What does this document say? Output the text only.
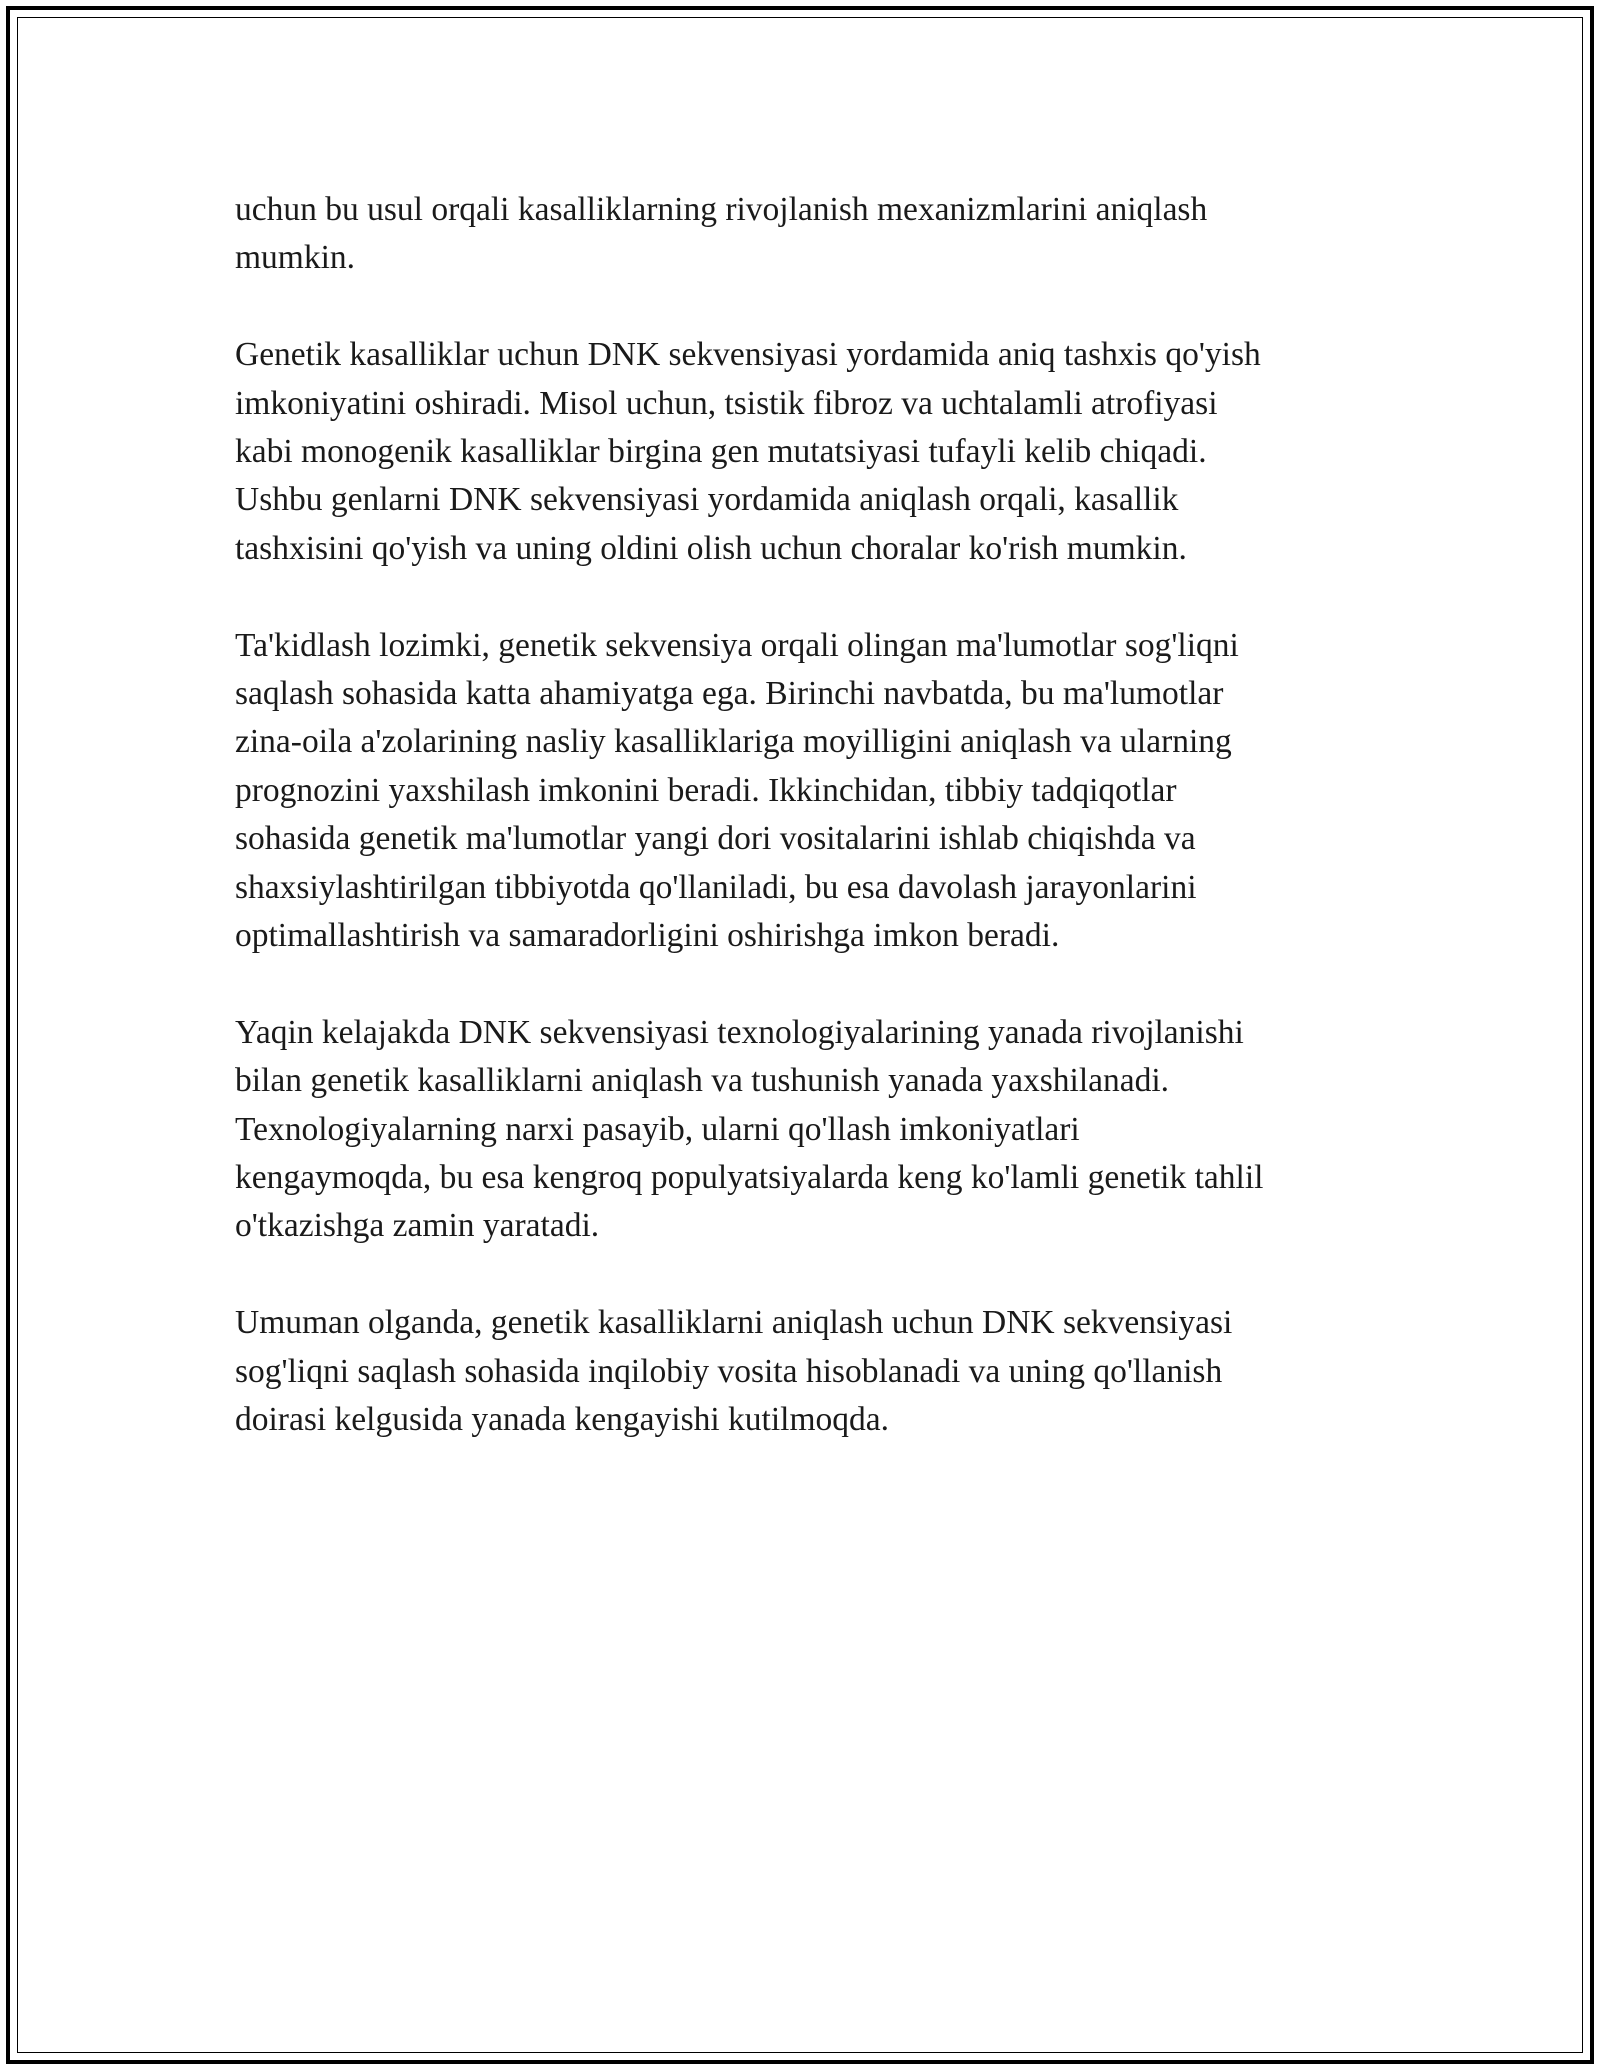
uchun bu usul orqali kasalliklarning rivojlanish mexanizmlarini aniqlash
mumkin.

Genetik kasalliklar uchun DNK sekvensiyasi yordamida aniq tashxis qo'yish
imkoniyatini oshiradi. Misol uchun, tsistik fibroz va uchtalamli atrofiyasi
kabi monogenik kasalliklar birgina gen mutatsiyasi tufayli kelib chiqadi.
Ushbu genlarni DNK sekvensiyasi yordamida aniqlash orqali, kasallik
tashxisini qo'yish va uning oldini olish uchun choralar ko'rish mumkin.

Ta'kidlash lozimki, genetik sekvensiya orqali olingan ma'lumotlar sog'liqni
saqlash sohasida katta ahamiyatga ega. Birinchi navbatda, bu ma'lumotlar
zina-oila a'zolarining nasliy kasalliklariga moyilligini aniqlash va ularning
prognozini yaxshilash imkonini beradi. Ikkinchidan, tibbiy tadqiqotlar
sohasida genetik ma'lumotlar yangi dori vositalarini ishlab chiqishda va
shaxsiylashtirilgan tibbiyotda qo'llaniladi, bu esa davolash jarayonlarini
optimallashtirish va samaradorligini oshirishga imkon beradi.

Yaqin kelajakda DNK sekvensiyasi texnologiyalarining yanada rivojlanishi
bilan genetik kasalliklarni aniqlash va tushunish yanada yaxshilanadi.
Texnologiyalarning narxi pasayib, ularni qo'llash imkoniyatlari
kengaymoqda, bu esa kengroq populyatsiyalarda keng ko'lamli genetik tahlil
o'tkazishga zamin yaratadi.

Umuman olganda, genetik kasalliklarni aniqlash uchun DNK sekvensiyasi
sog'liqni saqlash sohasida inqilobiy vosita hisoblanadi va uning qo'llanish
doirasi kelgusida yanada kengayishi kutilmoqda.
